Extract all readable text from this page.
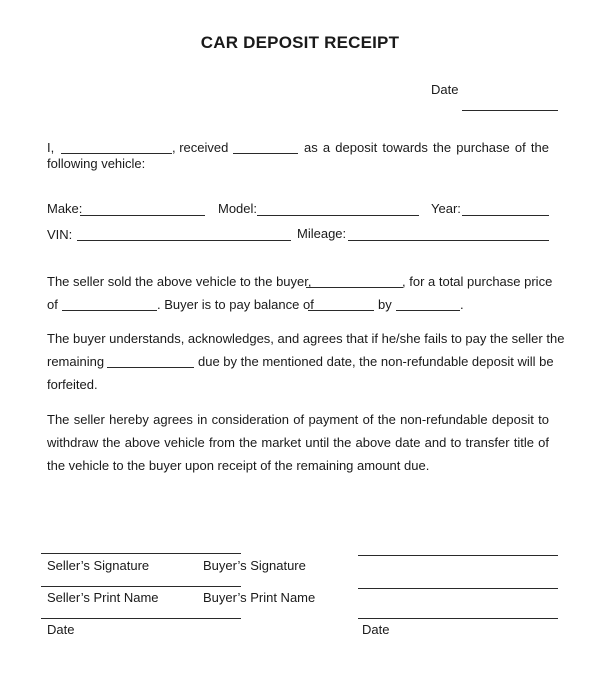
CAR DEPOSIT RECEIPT
Date
I,	, received	as a deposit towards the purchase of the
following vehicle:
Make:	Model:	Year:
VIN:	Mileage:
The seller sold the above vehicle to the buyer,	, for a total purchase price
of	. Buyer is to pay balance of	by	.
The buyer understands, acknowledges, and agrees that if he/she fails to pay the seller the
remaining	due by the mentioned date, the non-refundable deposit will be
forfeited.
The seller hereby agrees in consideration of payment of the non-refundable deposit to
withdraw the above vehicle from the market until the above date and to transfer title of
the vehicle to the buyer upon receipt of the remaining amount due.
Seller’s Signature	Buyer’s Signature
Seller’s Print Name	Buyer’s Print Name
Date	Date
